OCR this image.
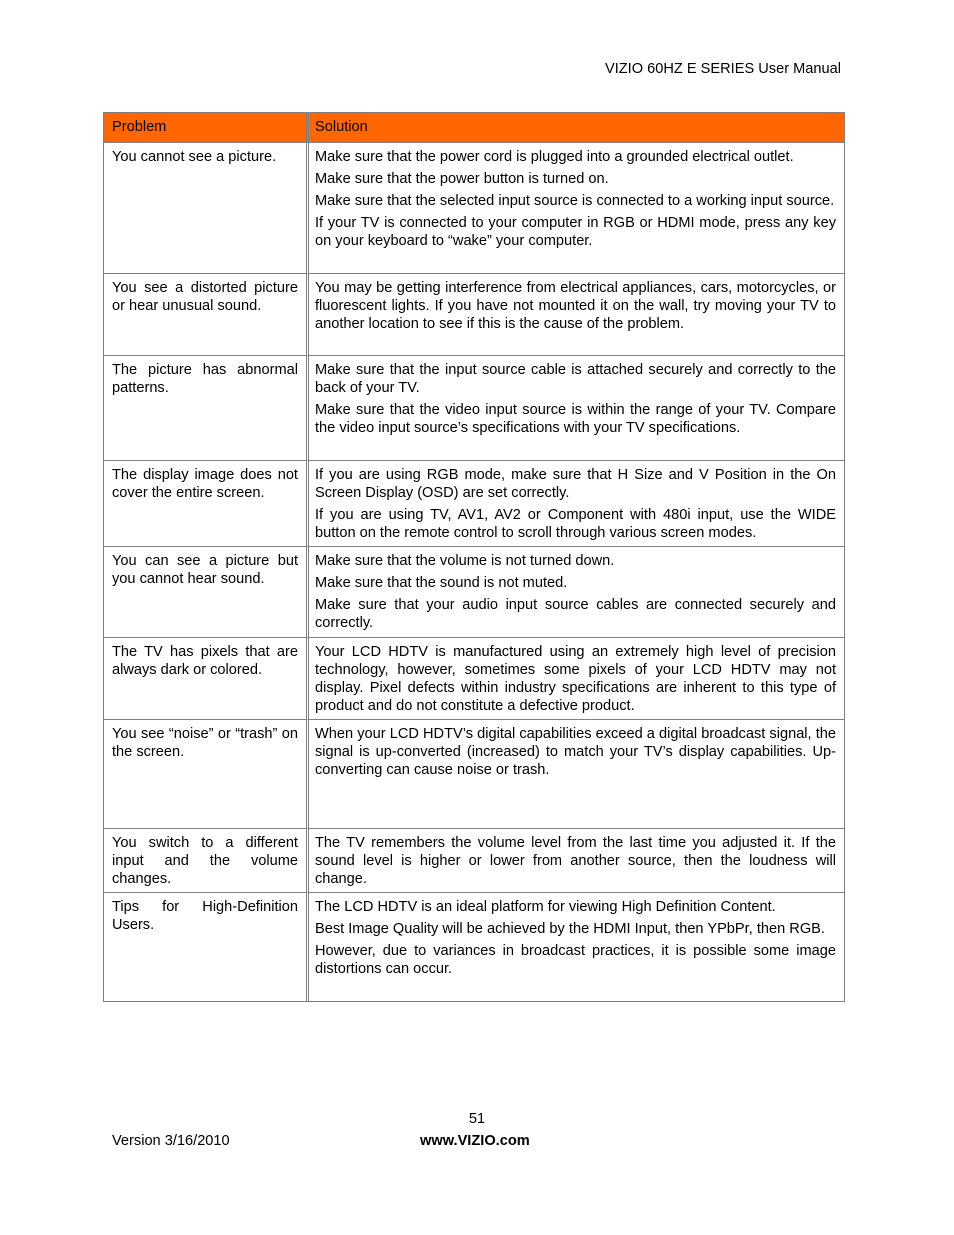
VIZIO 60HZ E SERIES User Manual
Problem	Solution
You cannot see a picture.	Make sure that the power cord is plugged into a grounded electrical outlet.

Make sure that the power button is turned on.

Make sure that the selected input source is connected to a working input source.

If your TV is connected to your computer in RGB or HDMI mode, press any key on your keyboard to “wake” your computer.

You see a distorted picture or hear unusual sound.	You may be getting interference from electrical appliances, cars, motorcycles, or fluorescent lights. If you have not mounted it on the wall, try moving your TV to another location to see if this is the cause of the problem.

The picture has abnormal patterns.	Make sure that the input source cable is attached securely and correctly to the back of your TV.

Make sure that the video input source is within the range of your TV. Compare the video input source’s specifications with your TV specifications.

The display image does not cover the entire screen.	If you are using RGB mode, make sure that H Size and V Position in the On Screen Display (OSD) are set correctly.

If you are using TV, AV1, AV2 or Component with 480i input, use the WIDE button on the remote control to scroll through various screen modes.

You can see a picture but you cannot hear sound.	Make sure that the volume is not turned down.

Make sure that the sound is not muted.

Make sure that your audio input source cables are connected securely and correctly.

The TV has pixels that are always dark or colored.	Your LCD HDTV is manufactured using an extremely high level of precision technology, however, sometimes some pixels of your LCD HDTV may not display. Pixel defects within industry specifications are inherent to this type of product and do not constitute a defective product.

You see “noise” or “trash” on the screen.	When your LCD HDTV’s digital capabilities exceed a digital broadcast signal, the signal is up-converted (increased) to match your TV’s display capabilities. Up-converting can cause noise or trash.

You switch to a different input and the volume changes.	The TV remembers the volume level from the last time you adjusted it. If the sound level is higher or lower from another source, then the loudness will change.

Tips for High-Definition Users.	The LCD HDTV is an ideal platform for viewing High Definition Content.

Best Image Quality will be achieved by the HDMI Input, then YPbPr, then RGB.

However, due to variances in broadcast practices, it is possible some image distortions can occur.

51
Version 3/16/2010	www.VIZIO.com
